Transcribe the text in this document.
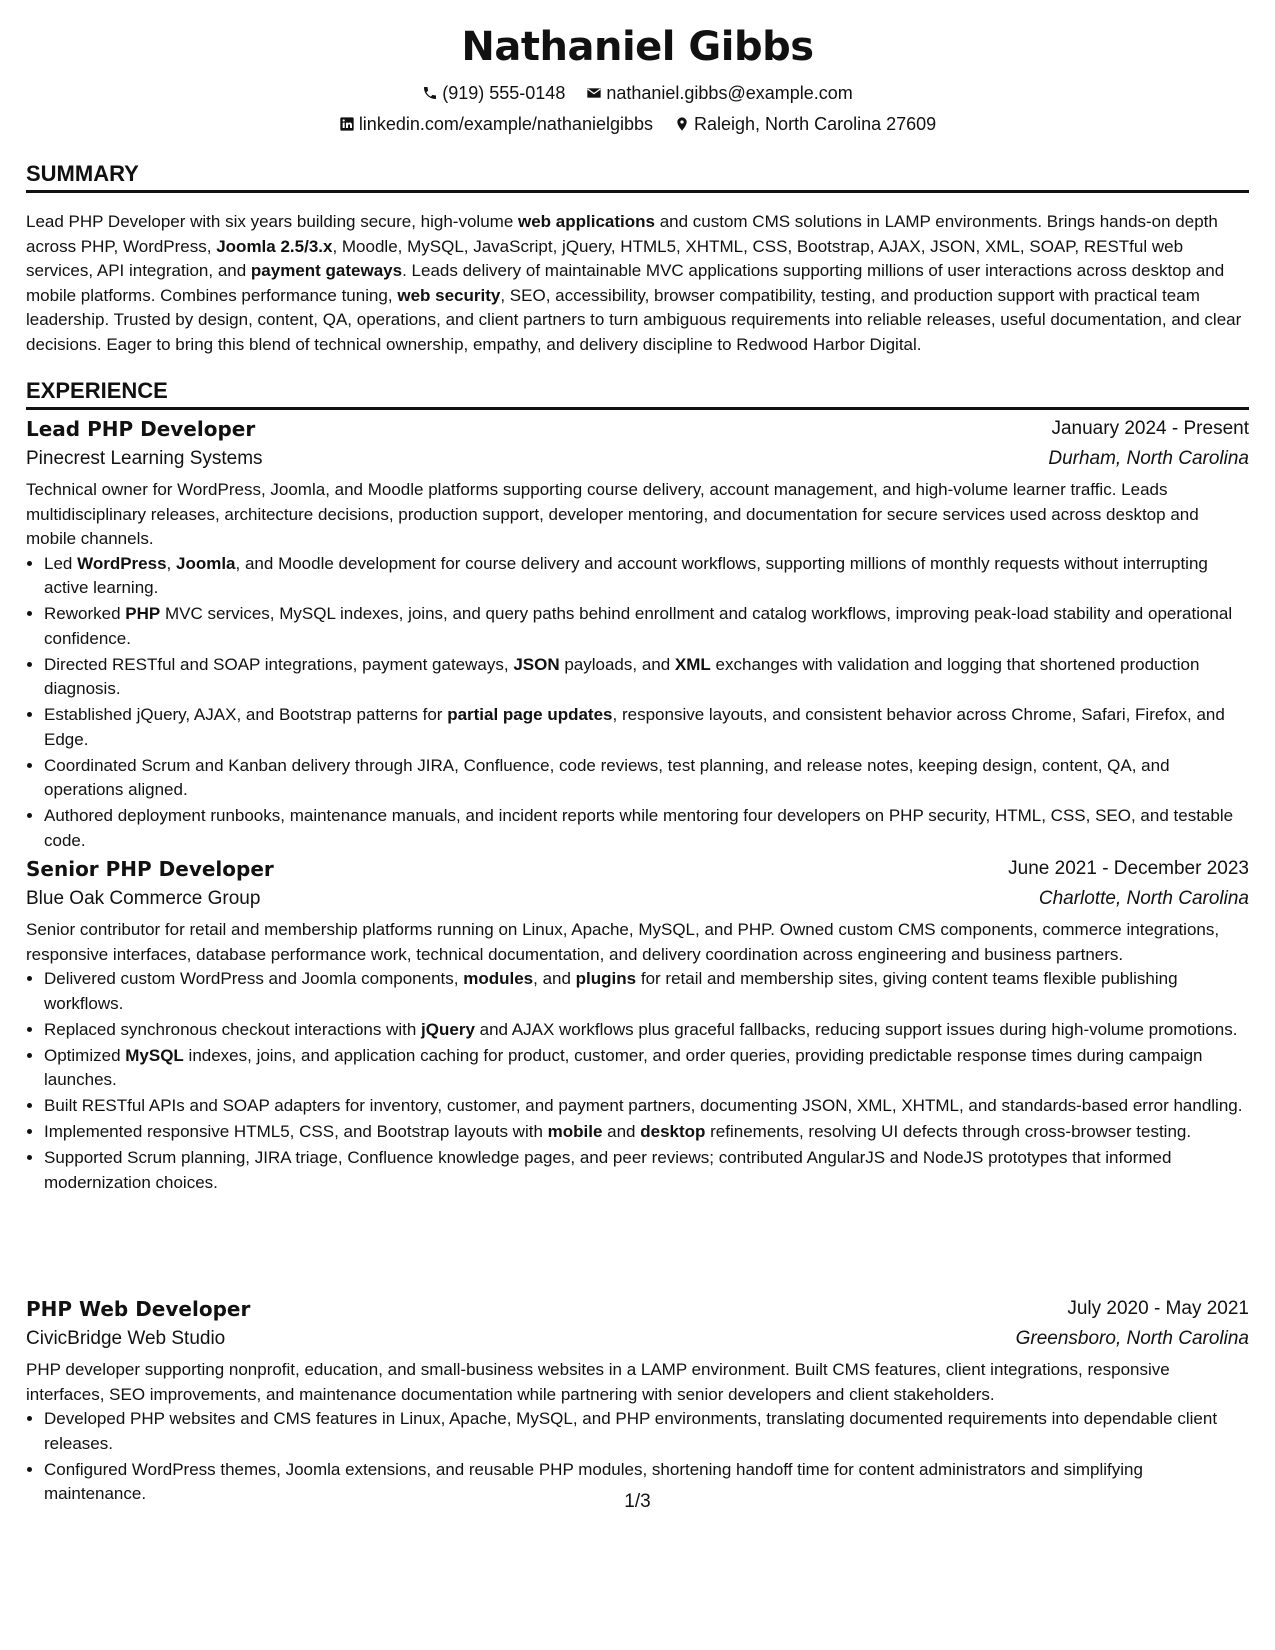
Nathaniel Gibbs
(919) 555-0148 nathaniel.gibbs@example.com
linkedin.com/example/nathanielgibbs Raleigh, North Carolina 27609
SUMMARY
Lead PHP Developer with six years building secure, high-volume web applications and custom CMS solutions in LAMP environments. Brings hands-on depth across PHP, WordPress, Joomla 2.5/3.x, Moodle, MySQL, JavaScript, jQuery, HTML5, XHTML, CSS, Bootstrap, AJAX, JSON, XML, SOAP, RESTful web services, API integration, and payment gateways. Leads delivery of maintainable MVC applications supporting millions of user interactions across desktop and mobile platforms. Combines performance tuning, web security, SEO, accessibility, browser compatibility, testing, and production support with practical team leadership. Trusted by design, content, QA, operations, and client partners to turn ambiguous requirements into reliable releases, useful documentation, and clear decisions. Eager to bring this blend of technical ownership, empathy, and delivery discipline to Redwood Harbor Digital.
EXPERIENCE
Lead PHP Developer	January 2024 - Present
Pinecrest Learning Systems	Durham, North Carolina
Technical owner for WordPress, Joomla, and Moodle platforms supporting course delivery, account management, and high-volume learner traffic. Leads multidisciplinary releases, architecture decisions, production support, developer mentoring, and documentation for secure services used across desktop and mobile channels.
• Led WordPress, Joomla, and Moodle development for course delivery and account workflows, supporting millions of monthly requests without interrupting active learning.
• Reworked PHP MVC services, MySQL indexes, joins, and query paths behind enrollment and catalog workflows, improving peak-load stability and operational confidence.
• Directed RESTful and SOAP integrations, payment gateways, JSON payloads, and XML exchanges with validation and logging that shortened production diagnosis.
• Established jQuery, AJAX, and Bootstrap patterns for partial page updates, responsive layouts, and consistent behavior across Chrome, Safari, Firefox, and Edge.
• Coordinated Scrum and Kanban delivery through JIRA, Confluence, code reviews, test planning, and release notes, keeping design, content, QA, and operations aligned.
• Authored deployment runbooks, maintenance manuals, and incident reports while mentoring four developers on PHP security, HTML, CSS, SEO, and testable code.
Senior PHP Developer	June 2021 - December 2023
Blue Oak Commerce Group	Charlotte, North Carolina
Senior contributor for retail and membership platforms running on Linux, Apache, MySQL, and PHP. Owned custom CMS components, commerce integrations, responsive interfaces, database performance work, technical documentation, and delivery coordination across engineering and business partners.
• Delivered custom WordPress and Joomla components, modules, and plugins for retail and membership sites, giving content teams flexible publishing workflows.
• Replaced synchronous checkout interactions with jQuery and AJAX workflows plus graceful fallbacks, reducing support issues during high-volume promotions.
• Optimized MySQL indexes, joins, and application caching for product, customer, and order queries, providing predictable response times during campaign launches.
• Built RESTful APIs and SOAP adapters for inventory, customer, and payment partners, documenting JSON, XML, XHTML, and standards-based error handling.
• Implemented responsive HTML5, CSS, and Bootstrap layouts with mobile and desktop refinements, resolving UI defects through cross-browser testing.
• Supported Scrum planning, JIRA triage, Confluence knowledge pages, and peer reviews; contributed AngularJS and NodeJS prototypes that informed modernization choices.
PHP Web Developer	July 2020 - May 2021
CivicBridge Web Studio	Greensboro, North Carolina
PHP developer supporting nonprofit, education, and small-business websites in a LAMP environment. Built CMS features, client integrations, responsive interfaces, SEO improvements, and maintenance documentation while partnering with senior developers and client stakeholders.
• Developed PHP websites and CMS features in Linux, Apache, MySQL, and PHP environments, translating documented requirements into dependable client releases.
• Configured WordPress themes, Joomla extensions, and reusable PHP modules, shortening handoff time for content administrators and simplifying maintenance.	1/3
